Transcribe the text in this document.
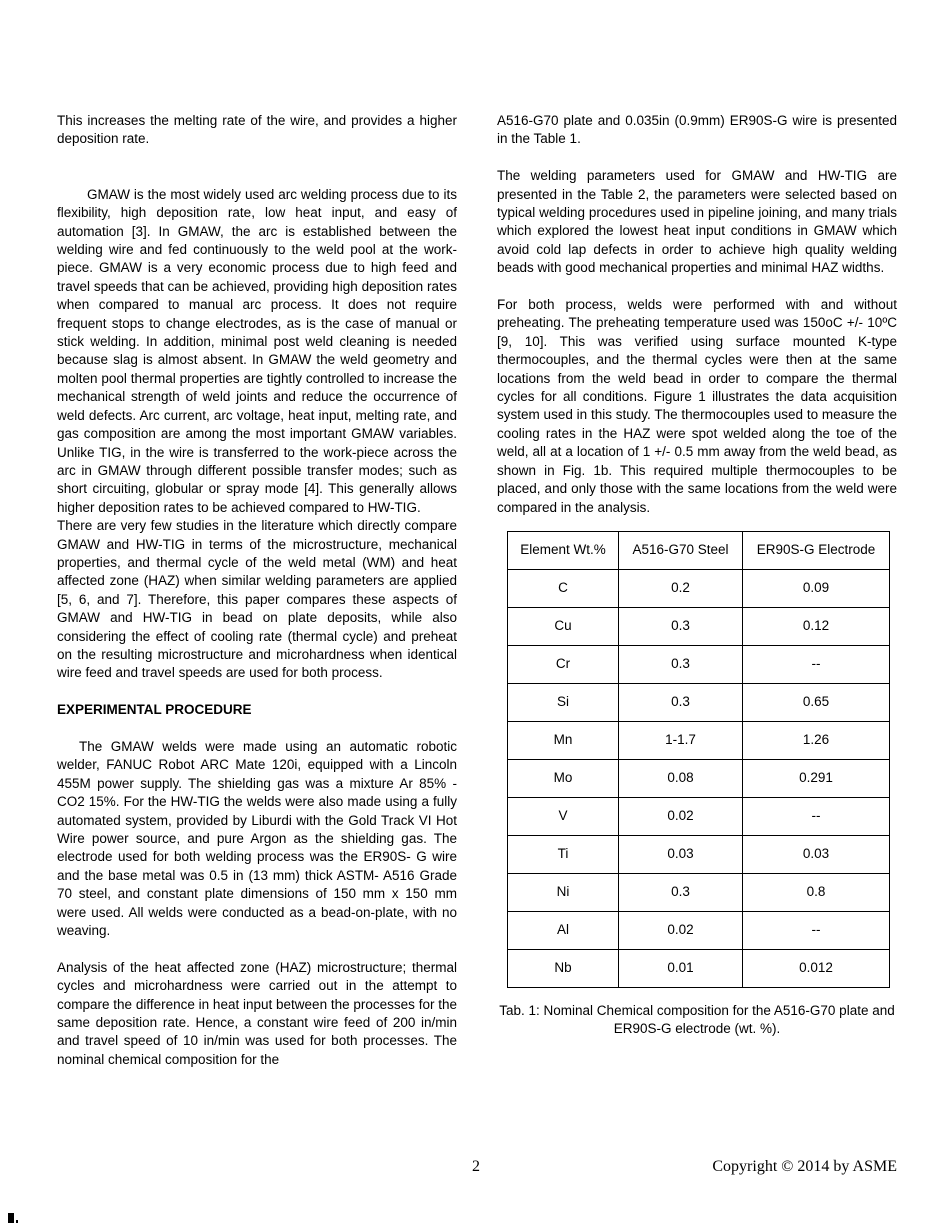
This increases the melting rate of the wire, and provides a higher deposition rate.

GMAW is the most widely used arc welding process due to its flexibility, high deposition rate, low heat input, and easy of automation [3]. In GMAW, the arc is established between the welding wire and fed continuously to the weld pool at the work-piece. GMAW is a very economic process due to high feed and travel speeds that can be achieved, providing high deposition rates when compared to manual arc process. It does not require frequent stops to change electrodes, as is the case of manual or stick welding. In addition, minimal post weld cleaning is needed because slag is almost absent. In GMAW the weld geometry and molten pool thermal properties are tightly controlled to increase the mechanical strength of weld joints and reduce the occurrence of weld defects. Arc current, arc voltage, heat input, melting rate, and gas composition are among the most important GMAW variables. Unlike TIG, in the wire is transferred to the work-piece across the arc in GMAW through different possible transfer modes; such as short circuiting, globular or spray mode [4]. This generally allows higher deposition rates to be achieved compared to HW-TIG.

There are very few studies in the literature which directly compare GMAW and HW-TIG in terms of the microstructure, mechanical properties, and thermal cycle of the weld metal (WM) and heat affected zone (HAZ) when similar welding parameters are applied [5, 6, and 7]. Therefore, this paper compares these aspects of GMAW and HW-TIG in bead on plate deposits, while also considering the effect of cooling rate (thermal cycle) and preheat on the resulting microstructure and microhardness when identical wire feed and travel speeds are used for both process.

EXPERIMENTAL PROCEDURE

The GMAW welds were made using an automatic robotic welder, FANUC Robot ARC Mate 120i, equipped with a Lincoln 455M power supply. The shielding gas was a mixture Ar 85% - CO2 15%. For the HW-TIG the welds were also made using a fully automated system, provided by Liburdi with the Gold Track VI Hot Wire power source, and pure Argon as the shielding gas. The electrode used for both welding process was the ER90S- G wire and the base metal was 0.5 in (13 mm) thick ASTM- A516 Grade 70 steel, and constant plate dimensions of 150 mm x 150 mm were used. All welds were conducted as a bead-on-plate, with no weaving.

Analysis of the heat affected zone (HAZ) microstructure; thermal cycles and microhardness were carried out in the attempt to compare the difference in heat input between the processes for the same deposition rate. Hence, a constant wire feed of 200 in/min and travel speed of 10 in/min was used for both processes. The nominal chemical composition for the

A516-G70 plate and 0.035in (0.9mm) ER90S-G wire is presented in the Table 1.

The welding parameters used for GMAW and HW-TIG are presented in the Table 2, the parameters were selected based on typical welding procedures used in pipeline joining, and many trials which explored the lowest heat input conditions in GMAW which avoid cold lap defects in order to achieve high quality welding beads with good mechanical properties and minimal HAZ widths.

For both process, welds were performed with and without preheating. The preheating temperature used was 150oC +/- 10ºC [9, 10]. This was verified using surface mounted K-type thermocouples, and the thermal cycles were then at the same locations from the weld bead in order to compare the thermal cycles for all conditions. Figure 1 illustrates the data acquisition system used in this study. The thermocouples used to measure the cooling rates in the HAZ were spot welded along the toe of the weld, all at a location of 1 +/- 0.5 mm away from the weld bead, as shown in Fig. 1b. This required multiple thermocouples to be placed, and only those with the same locations from the weld were compared in the analysis.

Element Wt.%	A516-G70 Steel	ER90S-G Electrode
C	0.2	0.09
Cu	0.3	0.12
Cr	0.3	--
Si	0.3	0.65
Mn	1-1.7	1.26
Mo	0.08	0.291
V	0.02	--
Ti	0.03	0.03
Ni	0.3	0.8
Al	0.02	--
Nb	0.01	0.012
Tab. 1: Nominal Chemical composition for the A516-G70 plate and ER90S-G electrode (wt. %).
2	Copyright © 2014 by ASME
